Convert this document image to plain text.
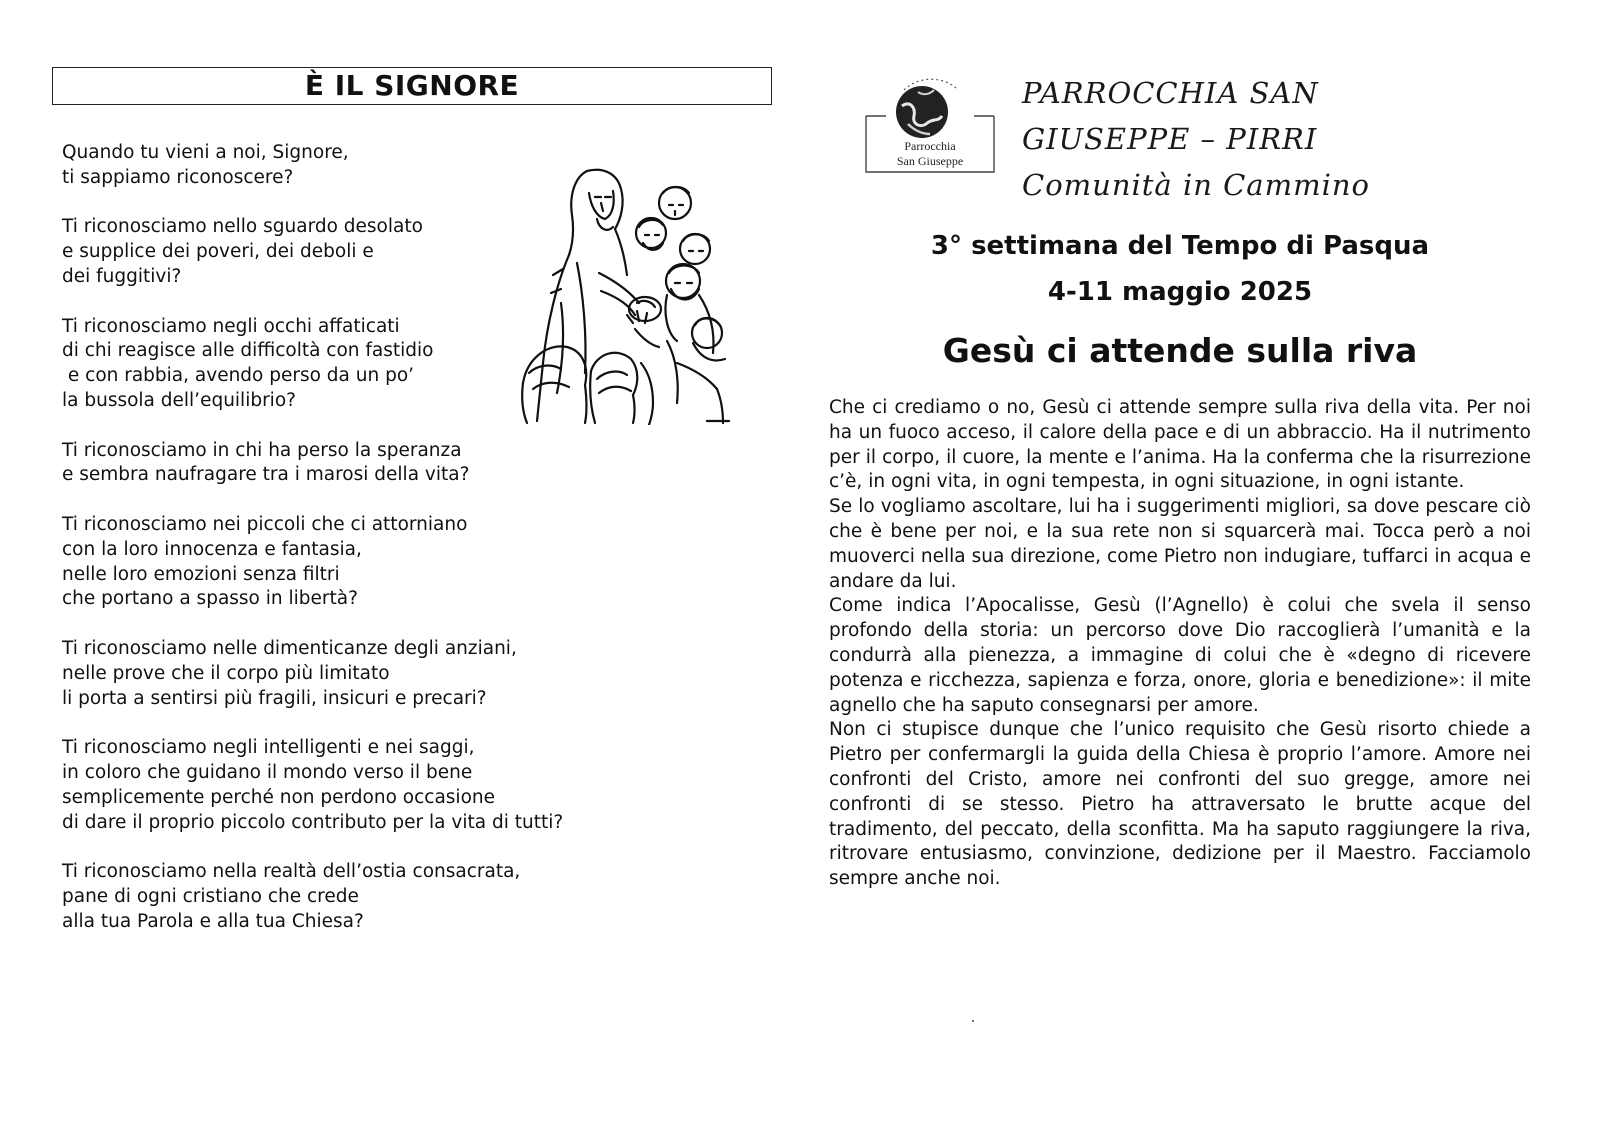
È IL SIGNORE
Quando tu vieni a noi, Signore,
ti sappiamo riconoscere?
Ti riconosciamo nello sguardo desolato
e supplice dei poveri, dei deboli e
dei fuggitivi?
Ti riconosciamo negli occhi affaticati
di chi reagisce alle difficoltà con fastidio
e con rabbia, avendo perso da un po’
la bussola dell’equilibrio?
Ti riconosciamo in chi ha perso la speranza
e sembra naufragare tra i marosi della vita?
Ti riconosciamo nei piccoli che ci attorniano
con la loro innocenza e fantasia,
nelle loro emozioni senza filtri
che portano a spasso in libertà?
Ti riconosciamo nelle dimenticanze degli anziani,
nelle prove che il corpo più limitato
li porta a sentirsi più fragili, insicuri e precari?
Ti riconosciamo negli intelligenti e nei saggi,
in coloro che guidano il mondo verso il bene
semplicemente perché non perdono occasione
di dare il proprio piccolo contributo per la vita di tutti?
Ti riconosciamo nella realtà dell’ostia consacrata,
pane di ogni cristiano che crede
alla tua Parola e alla tua Chiesa?
Parrocchia
San Giuseppe
PARROCCHIA SAN
GIUSEPPE – PIRRI
Comunità in Cammino
3° settimana del Tempo di Pasqua
4-11 maggio 2025
Gesù ci attende sulla riva

Che ci crediamo o no, Gesù ci attende sempre sulla riva della vita. Per noi ha un fuoco acceso, il calore della pace e di un abbraccio. Ha il nutrimento per il corpo, il cuore, la mente e l’anima. Ha la conferma che la risurrezione c’è, in ogni vita, in ogni tempesta, in ogni situazione, in ogni istante.

Se lo vogliamo ascoltare, lui ha i suggerimenti migliori, sa dove pescare ciò che è bene per noi, e la sua rete non si squarcerà mai. Tocca però a noi muoverci nella sua direzione, come Pietro non indugiare, tuffarci in acqua e andare da lui.

Come indica l’Apocalisse, Gesù (l’Agnello) è colui che svela il senso profondo della storia: un percorso dove Dio raccoglierà l’umanità e la condurrà alla pienezza, a immagine di colui che è «degno di ricevere potenza e ricchezza, sapienza e forza, onore, gloria e benedizione»: il mite agnello che ha saputo consegnarsi per amore.

Non ci stupisce dunque che l’unico requisito che Gesù risorto chiede a Pietro per confermargli la guida della Chiesa è proprio l’amore. Amore nei confronti del Cristo, amore nei confronti del suo gregge, amore nei confronti di se stesso. Pietro ha attraversato le brutte acque del tradimento, del peccato, della sconfitta. Ma ha saputo raggiungere la riva, ritrovare entusiasmo, convinzione, dedizione per il Maestro. Facciamolo sempre anche noi.
